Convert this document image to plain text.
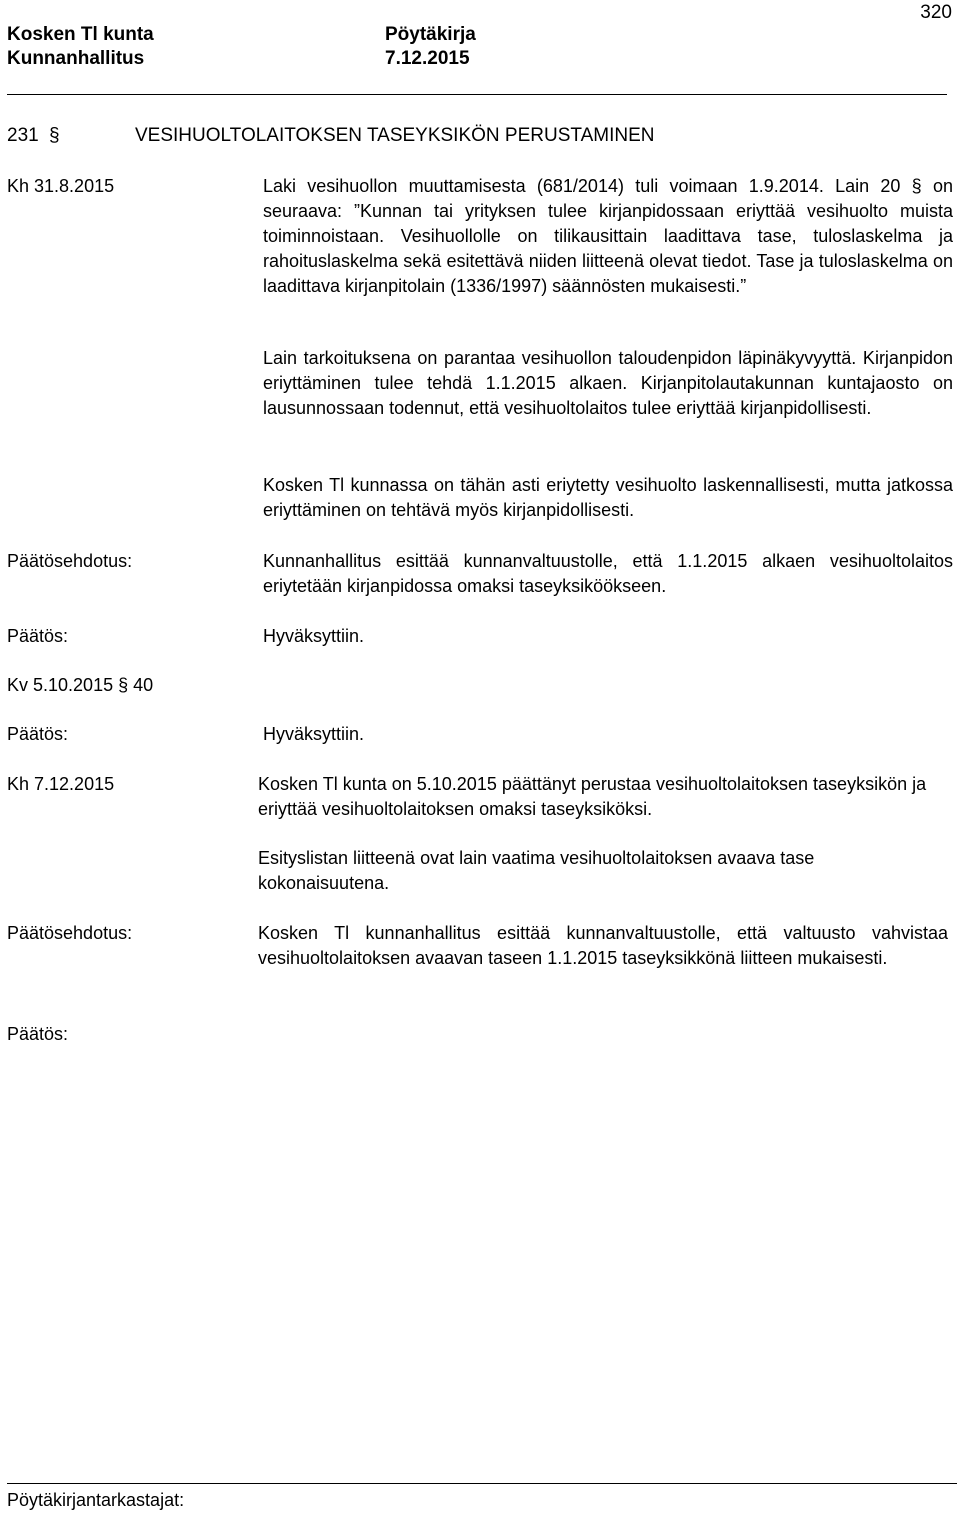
320
Kosken Tl kunta
Kunnanhallitus
Pöytäkirja
7.12.2015
231 §	VESIHUOLTOLAITOKSEN TASEYKSIKÖN PERUSTAMINEN
Kh 31.8.2015	Laki vesihuollon muuttamisesta (681/2014) tuli voimaan 1.9.2014. Lain 20 § on seuraava: ”Kunnan tai yrityksen tulee kirjanpidossaan eriyttää vesihuolto muista toiminnoistaan. Vesihuollolle on tilikausittain laadittava tase, tuloslaskelma ja rahoituslaskelma sekä esitettävä niiden liitteenä olevat tiedot. Tase ja tuloslaskelma on laadittava kirjanpitolain (1336/1997) säännösten mukaisesti.”
Lain tarkoituksena on parantaa vesihuollon taloudenpidon läpinäkyvyyttä. Kirjanpidon eriyttäminen tulee tehdä 1.1.2015 alkaen. Kirjanpitolautakunnan kuntajaosto on lausunnossaan todennut, että vesihuoltolaitos tulee eriyttää kirjanpidollisesti.
Kosken Tl kunnassa on tähän asti eriytetty vesihuolto laskennallisesti, mutta jatkossa eriyttäminen on tehtävä myös kirjanpidollisesti.
Päätösehdotus:	Kunnanhallitus esittää kunnanvaltuustolle, että 1.1.2015 alkaen vesihuoltolaitos eriytetään kirjanpidossa omaksi taseyksiköökseen.
Päätös:	Hyväksyttiin.
Kv 5.10.2015 § 40
Päätös:	Hyväksyttiin.
Kh 7.12.2015	Kosken Tl kunta on 5.10.2015 päättänyt perustaa vesihuoltolaitoksen taseyksikön ja eriyttää vesihuoltolaitoksen omaksi taseyksiköksi.
Esityslistan liitteenä ovat lain vaatima vesihuoltolaitoksen avaava tase kokonaisuutena.
Päätösehdotus:	Kosken Tl kunnanhallitus esittää kunnanvaltuustolle, että valtuusto vahvistaa vesihuoltolaitoksen avaavan taseen 1.1.2015 taseyksikkönä liitteen mukaisesti.
Päätös:
Pöytäkirjantarkastajat:
